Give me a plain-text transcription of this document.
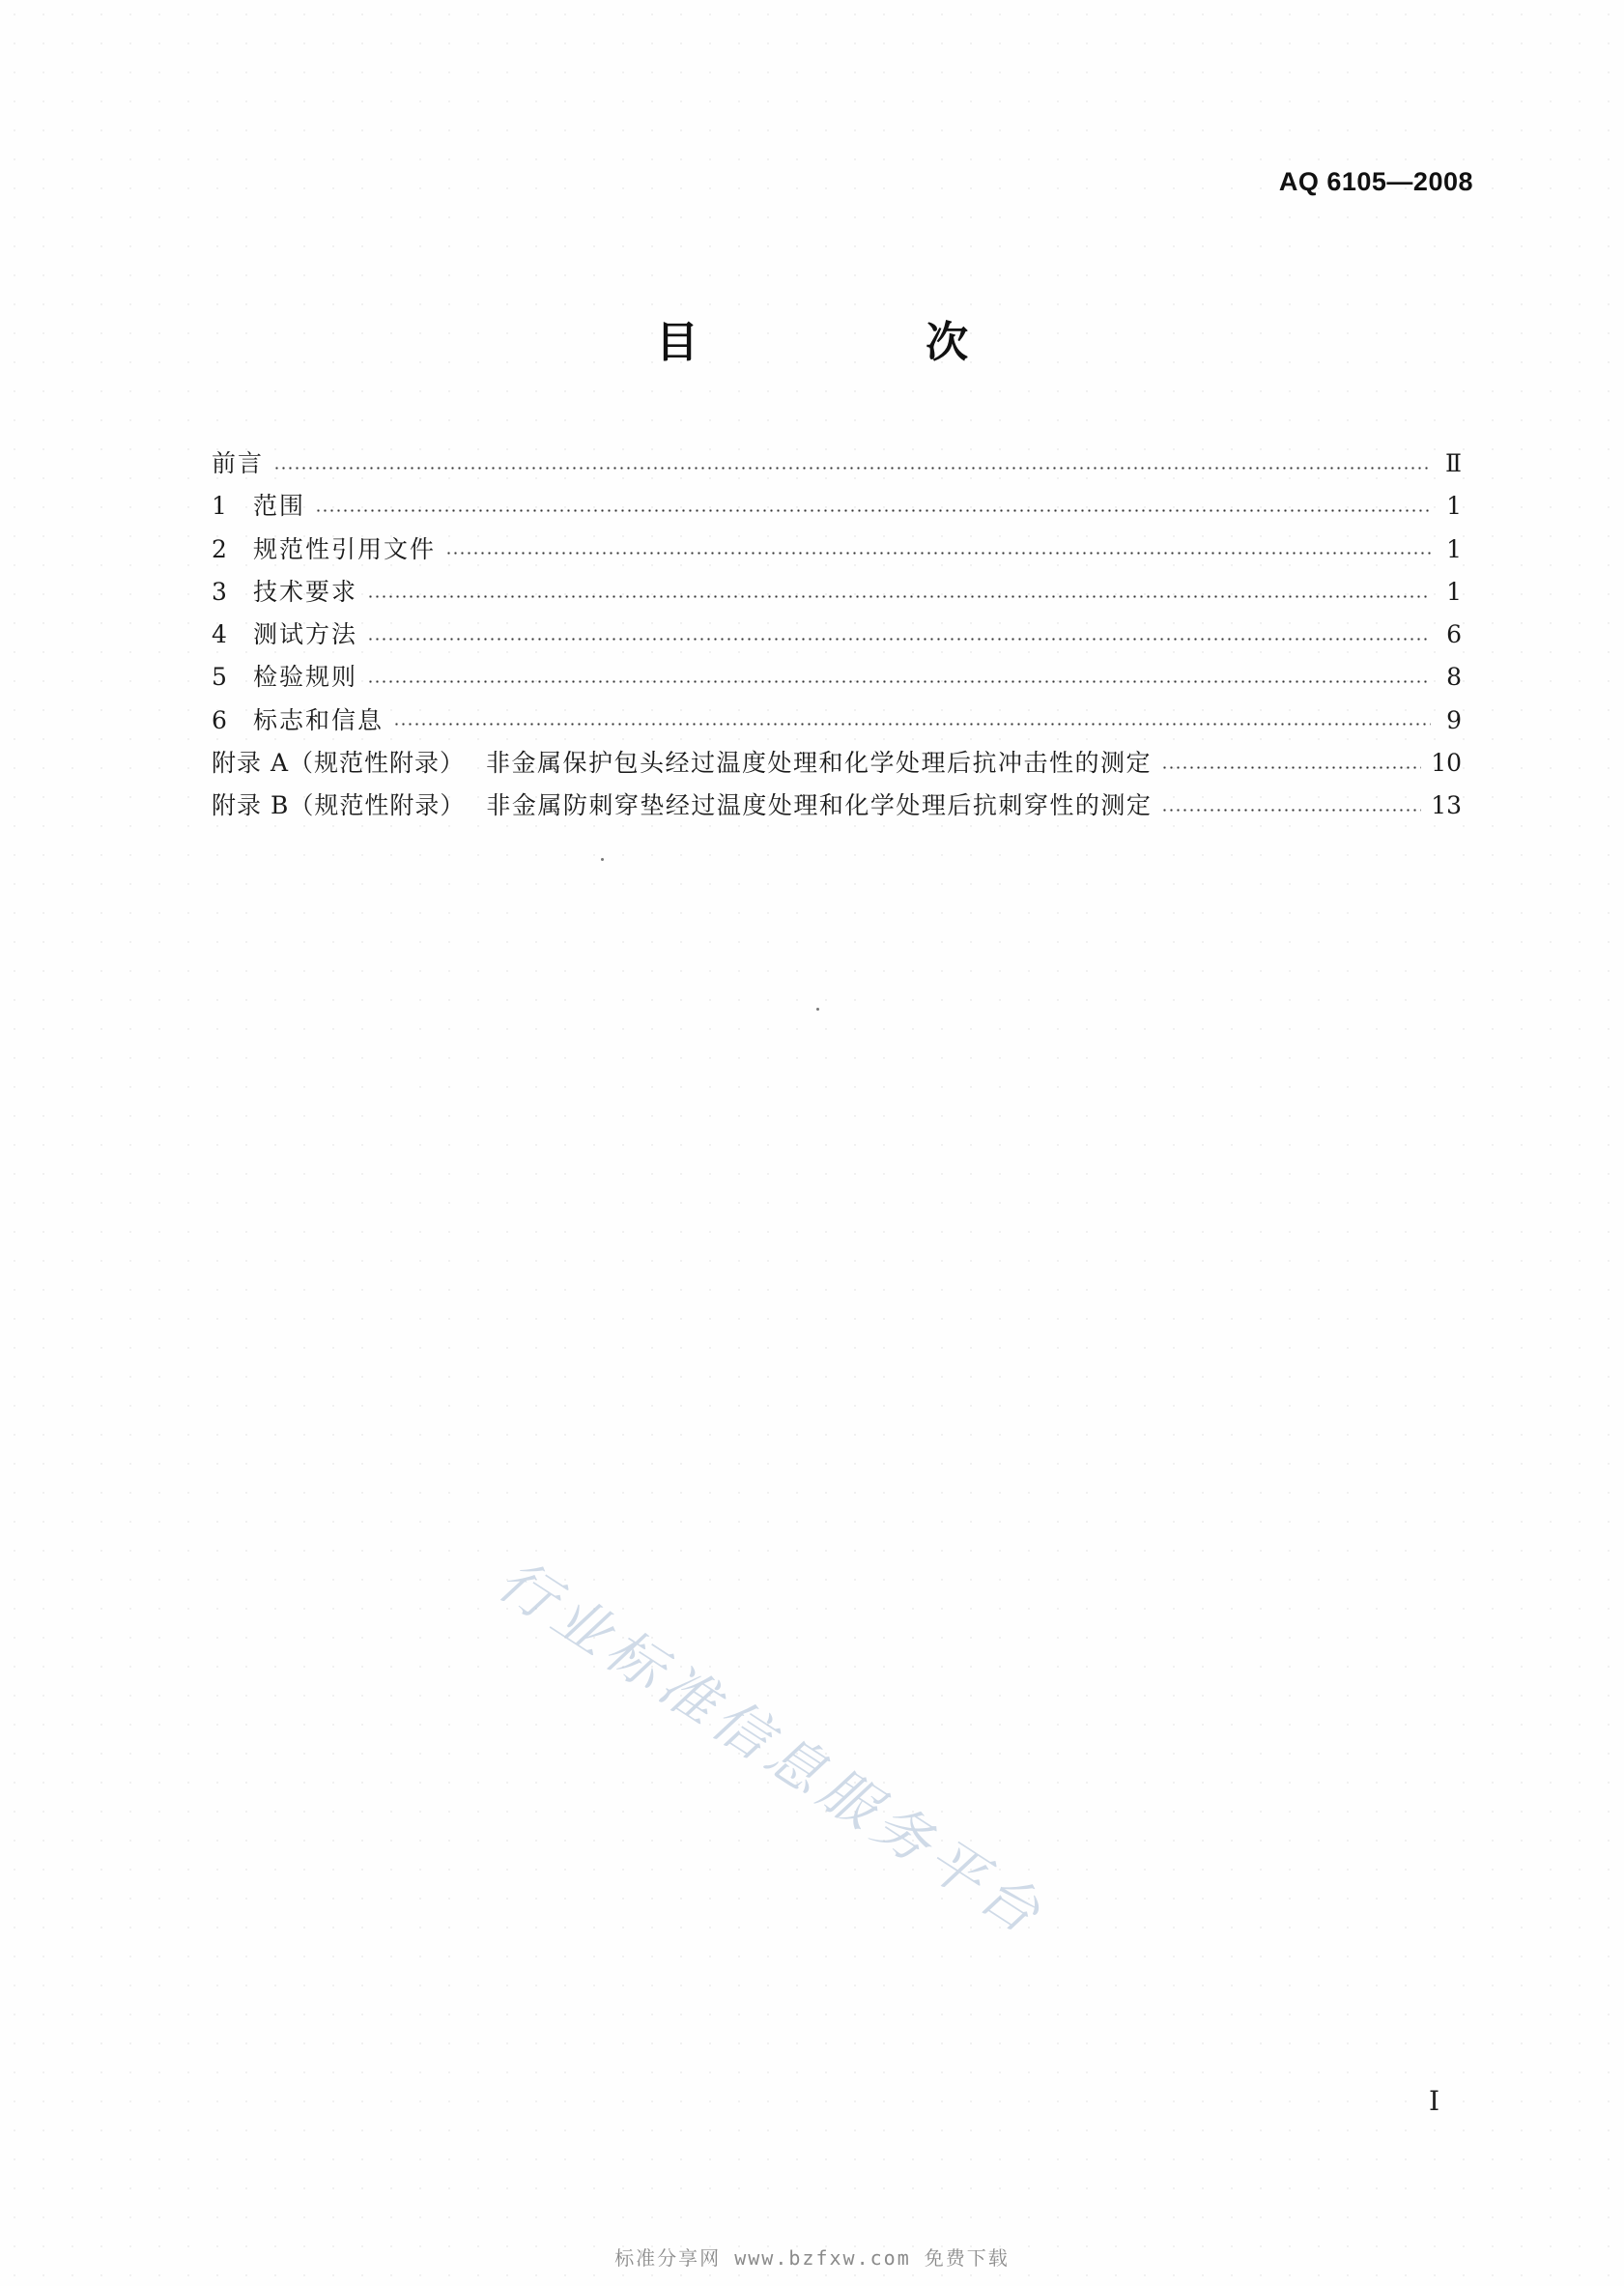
AQ 6105—2008
目 次
前言	Ⅱ
1	范围	1
2	规范性引用文件	1
3	技术要求	1
4	测试方法	6
5	检验规则	8
6	标志和信息	9
附录 A（规范性附录） 非金属保护包头经过温度处理和化学处理后抗冲击性的测定	10
附录 B（规范性附录） 非金属防刺穿垫经过温度处理和化学处理后抗刺穿性的测定	13
行业标准信息服务平台
Ⅰ
标准分享网 www.bzfxw.com 免费下载
